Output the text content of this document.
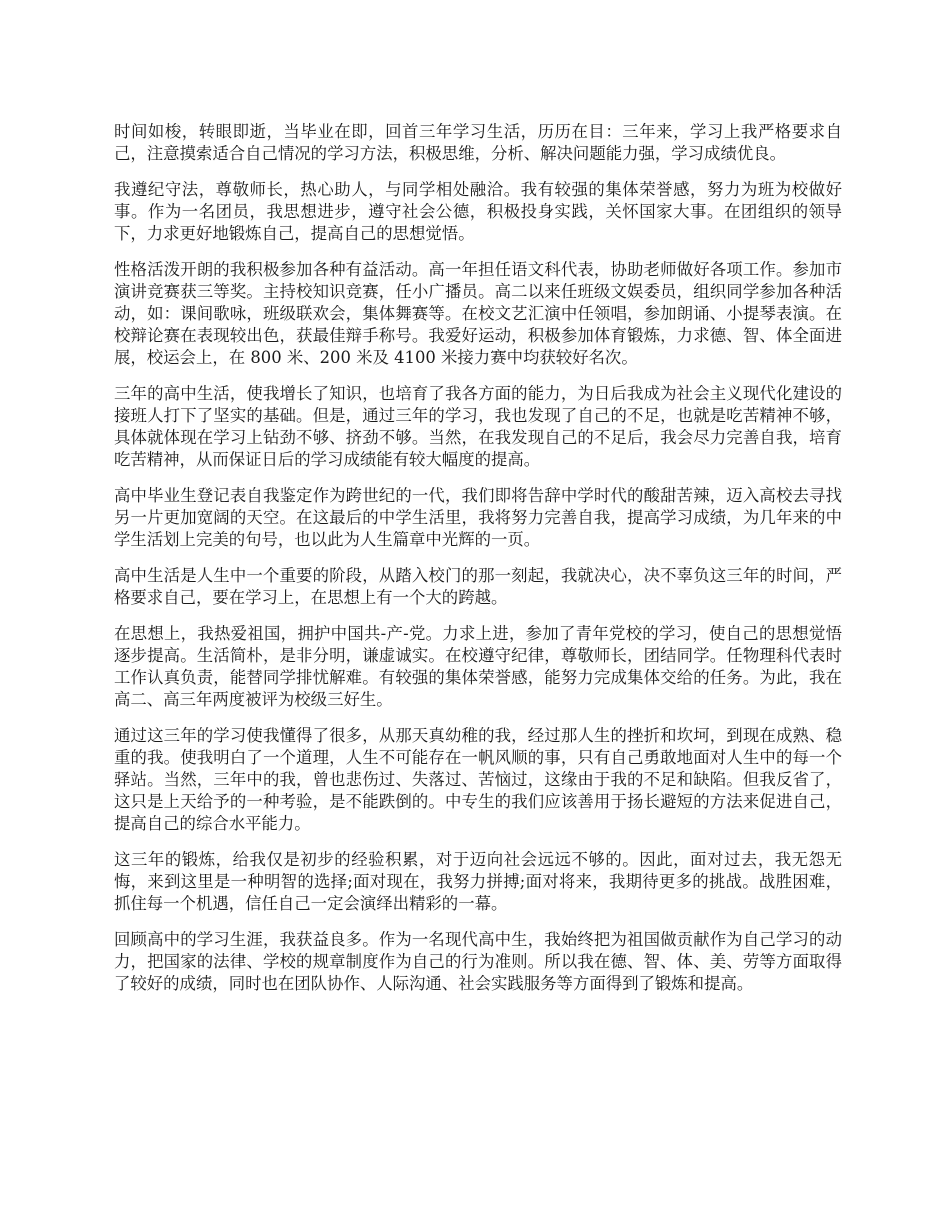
时间如梭，转眼即逝，当毕业在即，回首三年学习生活，历历在目：三年来，学习上我严格要求自己，注意摸索适合自己情况的学习方法，积极思维，分析、解决问题能力强，学习成绩优良。

我遵纪守法，尊敬师长，热心助人，与同学相处融洽。我有较强的集体荣誉感，努力为班为校做好事。作为一名团员，我思想进步，遵守社会公德，积极投身实践，关怀国家大事。在团组织的领导下，力求更好地锻炼自己，提高自己的思想觉悟。

性格活泼开朗的我积极参加各种有益活动。高一年担任语文科代表，协助老师做好各项工作。参加市演讲竞赛获三等奖。主持校知识竞赛，任小广播员。高二以来任班级文娱委员，组织同学参加各种活动，如：课间歌咏，班级联欢会，集体舞赛等。在校文艺汇演中任领唱，参加朗诵、小提琴表演。在校辩论赛在表现较出色，获最佳辩手称号。我爱好运动，积极参加体育锻炼，力求德、智、体全面进展，校运会上，在 800 米、200 米及 4100 米接力赛中均获较好名次。

三年的高中生活，使我增长了知识，也培育了我各方面的能力，为日后我成为社会主义现代化建设的接班人打下了坚实的基础。但是，通过三年的学习，我也发现了自己的不足，也就是吃苦精神不够，具体就体现在学习上钻劲不够、挤劲不够。当然，在我发现自己的不足后，我会尽力完善自我，培育吃苦精神，从而保证日后的学习成绩能有较大幅度的提高。

高中毕业生登记表自我鉴定作为跨世纪的一代，我们即将告辞中学时代的酸甜苦辣，迈入高校去寻找另一片更加宽阔的天空。在这最后的中学生活里，我将努力完善自我，提高学习成绩，为几年来的中学生活划上完美的句号，也以此为人生篇章中光辉的一页。

高中生活是人生中一个重要的阶段，从踏入校门的那一刻起，我就决心，决不辜负这三年的时间，严格要求自己，要在学习上，在思想上有一个大的跨越。

在思想上，我热爱祖国，拥护中国共-产-党。力求上进，参加了青年党校的学习，使自己的思想觉悟逐步提高。生活简朴，是非分明，谦虚诚实。在校遵守纪律，尊敬师长，团结同学。任物理科代表时工作认真负责，能替同学排忧解难。有较强的集体荣誉感，能努力完成集体交给的任务。为此，我在高二、高三年两度被评为校级三好生。

通过这三年的学习使我懂得了很多，从那天真幼稚的我，经过那人生的挫折和坎坷，到现在成熟、稳重的我。使我明白了一个道理，人生不可能存在一帆风顺的事，只有自己勇敢地面对人生中的每一个驿站。当然，三年中的我，曾也悲伤过、失落过、苦恼过，这缘由于我的不足和缺陷。但我反省了，这只是上天给予的一种考验，是不能跌倒的。中专生的我们应该善用于扬长避短的方法来促进自己，提高自己的综合水平能力。

这三年的锻炼，给我仅是初步的经验积累，对于迈向社会远远不够的。因此，面对过去，我无怨无悔，来到这里是一种明智的选择;面对现在，我努力拼搏;面对将来，我期待更多的挑战。战胜困难，抓住每一个机遇，信任自己一定会演绎出精彩的一幕。

回顾高中的学习生涯，我获益良多。作为一名现代高中生，我始终把为祖国做贡献作为自己学习的动力，把国家的法律、学校的规章制度作为自己的行为准则。所以我在德、智、体、美、劳等方面取得了较好的成绩，同时也在团队协作、人际沟通、社会实践服务等方面得到了锻炼和提高。
